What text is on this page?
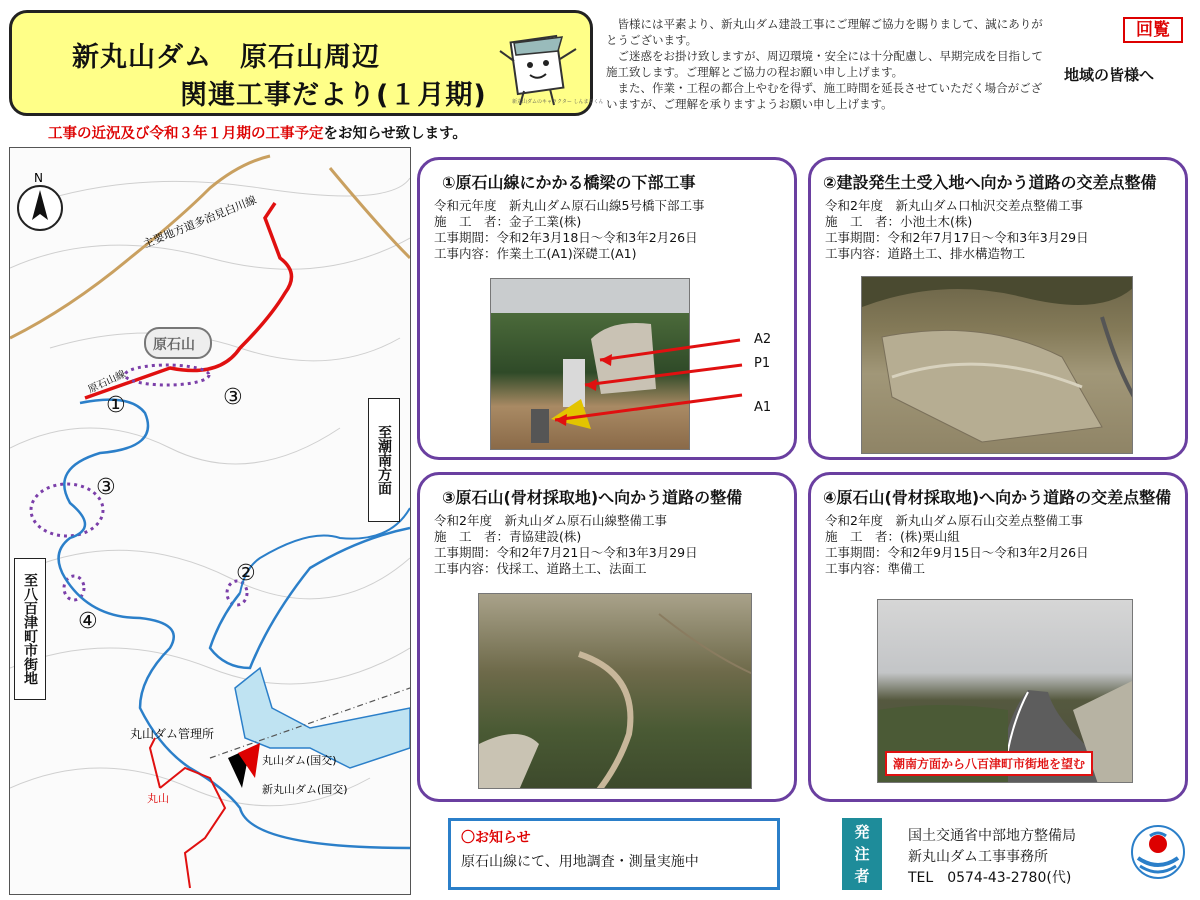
新丸山ダム　原石山周辺
関連工事だより(１月期)	新丸山ダムのキャラクター しんまるくん

皆様には平素より、新丸山ダム建設工事にご理解ご協力を賜りまして、誠にありがとうございます。

ご迷惑をお掛け致しますが、周辺環境・安全には十分配慮し、早期完成を目指して施工致します。ご理解とご協力の程お願い申し上げます。

また、作業・工程の都合上やむを得ず、施工時間を延長させていただく場合がございますが、ご理解を承りますようお願い申し上げます。

回覧
地域の皆様へ
工事の近況及び令和３年１月期の工事予定をお知らせ致します。
主要地方道多治見白川線
原石山線
原石山
①	③
③
②
④
N
丸山ダム管理所
丸山ダム(国交)
新丸山ダム(国交)
丸山
至潮南方面
至八百津町市街地
①原石山線にかかる橋梁の下部工事
令和元年度　新丸山ダム原石山線5号橋下部工事
施　工　者：金子工業(株)
工事期間：令和2年3月18日～令和3年2月26日
工事内容：作業土工(A1)深礎工(A1)
A2
P1
A1
②建設発生土受入地へ向かう道路の交差点整備
令和2年度　新丸山ダム口杣沢交差点整備工事
施　工　者：小池土木(株)
工事期間：令和2年7月17日～令和3年3月29日
工事内容：道路土工、排水構造物工
③原石山(骨材採取地)へ向かう道路の整備
令和2年度　新丸山ダム原石山線整備工事
施　工　者：青協建設(株)
工事期間：令和2年7月21日～令和3年3月29日
工事内容：伐採工、道路土工、法面工
④原石山(骨材採取地)へ向かう道路の交差点整備
令和2年度　新丸山ダム原石山交差点整備工事
施　工　者：(株)栗山組
工事期間：令和2年9月15日～令和3年2月26日
工事内容：準備工
潮南方面から八百津町市街地を望む
〇お知らせ
原石山線にて、用地調査・測量実施中
発
注
者
国土交通省中部地方整備局
新丸山ダム工事事務所
TEL　0574-43-2780(代)
